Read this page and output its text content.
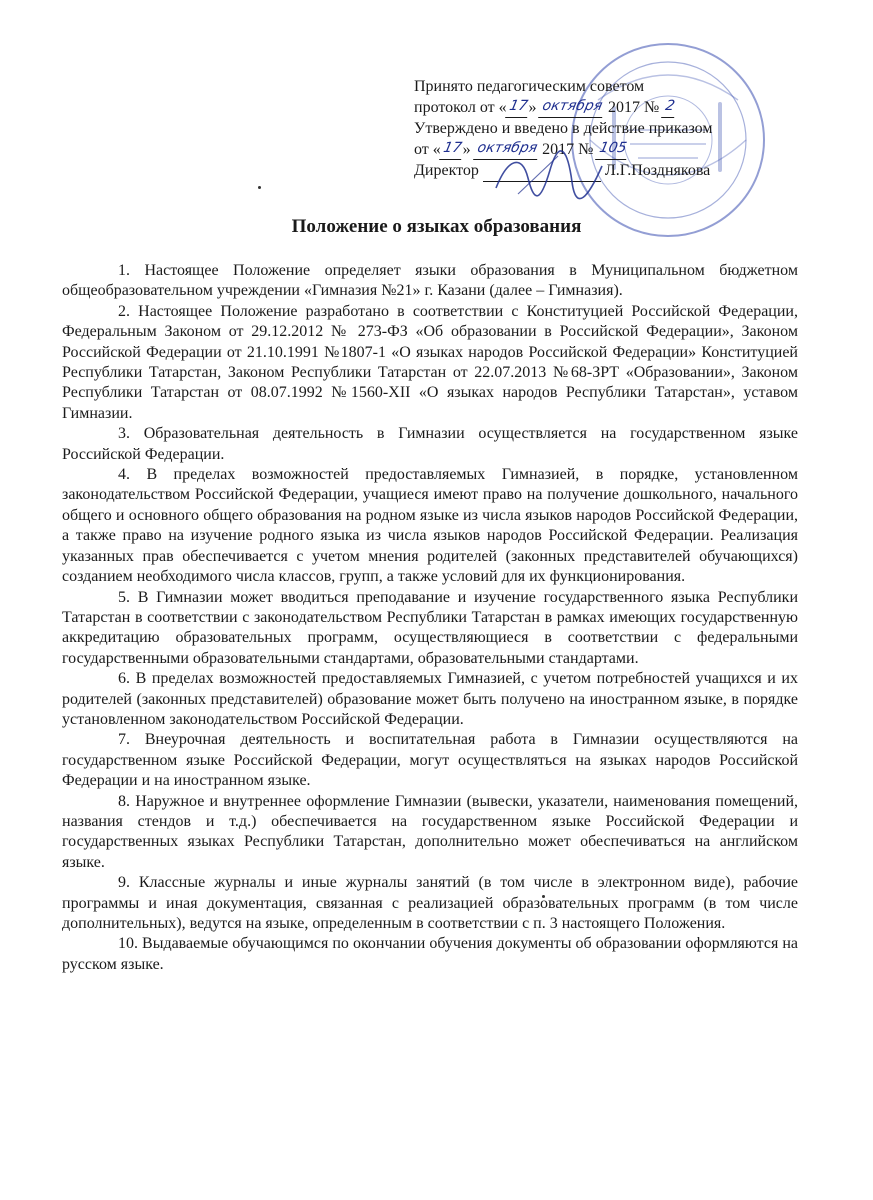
Принято педагогическим советом
протокол от «17» октября 2017 № 2
Утверждено и введено в действие приказом
от «17» октября 2017 № 105
Директор	Л.Г.Позднякова
Положение о языках образования

1. Настоящее Положение определяет языки образования в Муниципальном бюджетном общеобразовательном учреждении «Гимназия №21» г. Казани (далее – Гимназия).

2. Настоящее Положение разработано в соответствии с Конституцией Российской Федерации, Федеральным Законом от 29.12.2012 № 273-ФЗ «Об образовании в Российской Федерации», Законом Российской Федерации от 21.10.1991 №1807-1 «О языках народов Российской Федерации» Конституцией Республики Татарстан, Законом Республики Татарстан от 22.07.2013 №68-ЗРТ «Образовании», Законом Республики Татарстан от 08.07.1992 №1560-XII «О языках народов Республики Татарстан», уставом Гимназии.

3. Образовательная деятельность в Гимназии осуществляется на государственном языке Российской Федерации.

4. В пределах возможностей предоставляемых Гимназией, в порядке, установленном законодательством Российской Федерации, учащиеся имеют право на получение дошкольного, начального общего и основного общего образования на родном языке из числа языков народов Российской Федерации, а также право на изучение родного языка из числа языков народов Российской Федерации. Реализация указанных прав обеспечивается с учетом мнения родителей (законных представителей обучающихся) созданием необходимого числа классов, групп, а также условий для их функционирования.

5. В Гимназии может вводиться преподавание и изучение государственного языка Республики Татарстан в соответствии с законодательством Республики Татарстан в рамках имеющих государственную аккредитацию образовательных программ, осуществляющиеся в соответствии с федеральными государственными образовательными стандартами, образовательными стандартами.

6. В пределах возможностей предоставляемых Гимназией, с учетом потребностей учащихся и их родителей (законных представителей) образование может быть получено на иностранном языке, в порядке установленном законодательством Российской Федерации.

7. Внеурочная деятельность и воспитательная работа в Гимназии осуществляются на государственном языке Российской Федерации, могут осуществляться на языках народов Российской Федерации и на иностранном языке.

8. Наружное и внутреннее оформление Гимназии (вывески, указатели, наименования помещений, названия стендов и т.д.) обеспечивается на государственном языке Российской Федерации и государственных языках Республики Татарстан, дополнительно может обеспечиваться на английском языке.

9. Классные журналы и иные журналы занятий (в том числе в электронном виде), рабочие программы и иная документация, связанная с реализацией образовательных программ (в том числе дополнительных), ведутся на языке, определенным в соответствии с п. 3 настоящего Положения.

10. Выдаваемые обучающимся по окончании обучения документы об образовании оформляются на русском языке.
